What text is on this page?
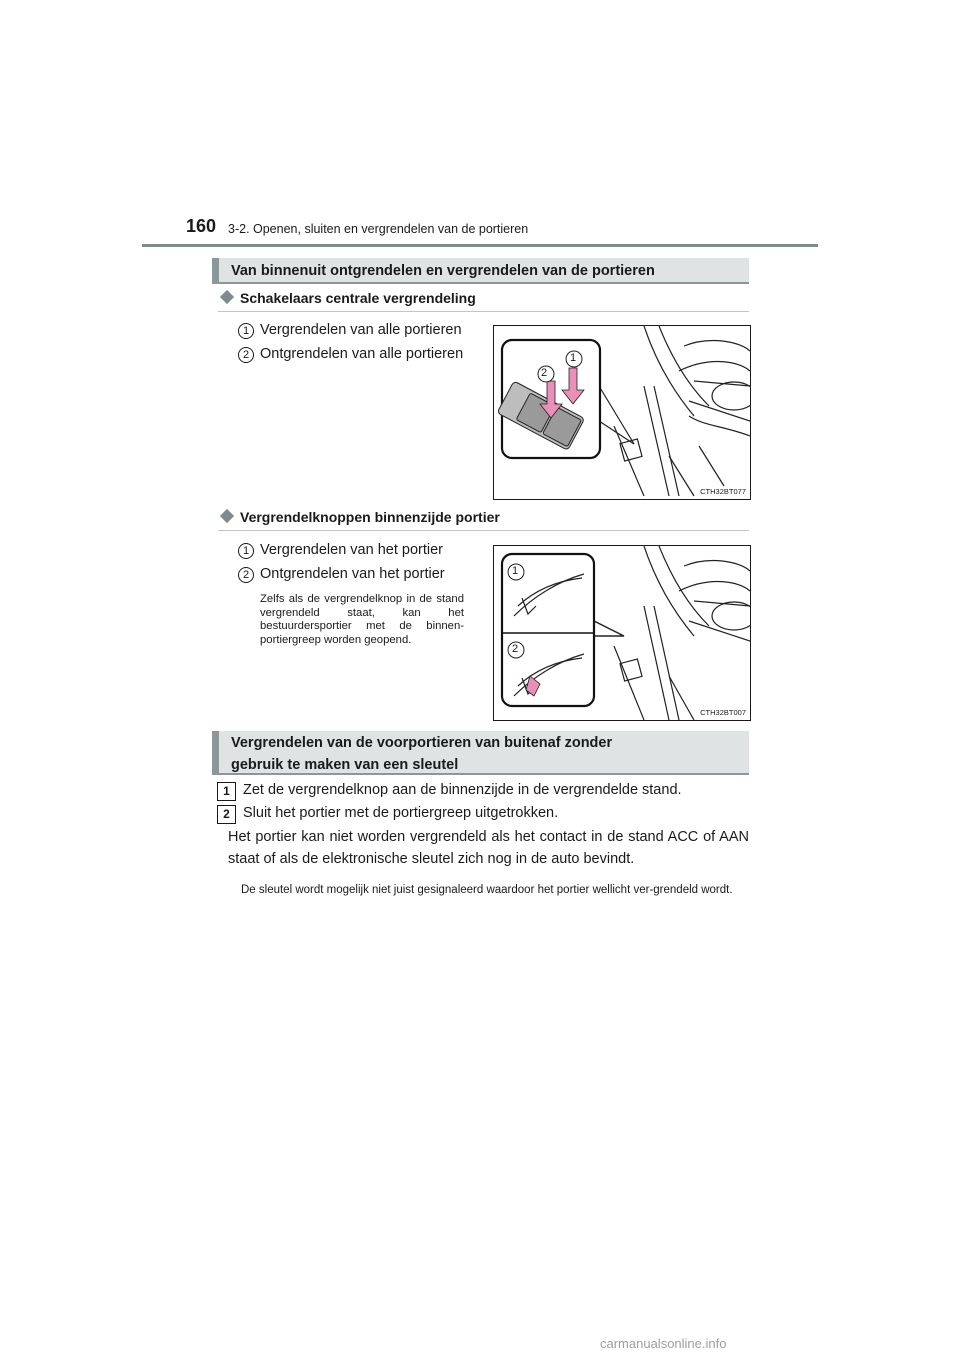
160 3-2. Openen, sluiten en vergrendelen van de portieren
Van binnenuit ontgrendelen en vergrendelen van de portieren
Schakelaars centrale vergrendeling
1 Vergrendelen van alle portieren
2 Ontgrendelen van alle portieren
2
1
CTH32BT077
Vergrendelknoppen binnenzijde portier
1 Vergrendelen van het portier
2 Ontgrendelen van het portier
Zelfs als de vergrendelknop in de stand vergrendeld staat, kan het bestuurdersportier met de binnen-portiergreep worden geopend.
1
2
CTH32BT007
Vergrendelen van de voorportieren van buitenaf zonder
gebruik te maken van een sleutel
1 Zet de vergrendelknop aan de binnenzijde in de vergrendelde stand.
2 Sluit het portier met de portiergreep uitgetrokken.
Het portier kan niet worden vergrendeld als het contact in de stand ACC of AAN staat of als de elektronische sleutel zich nog in de auto bevindt.
De sleutel wordt mogelijk niet juist gesignaleerd waardoor het portier wellicht ver-grendeld wordt.
carmanualsonline.info
